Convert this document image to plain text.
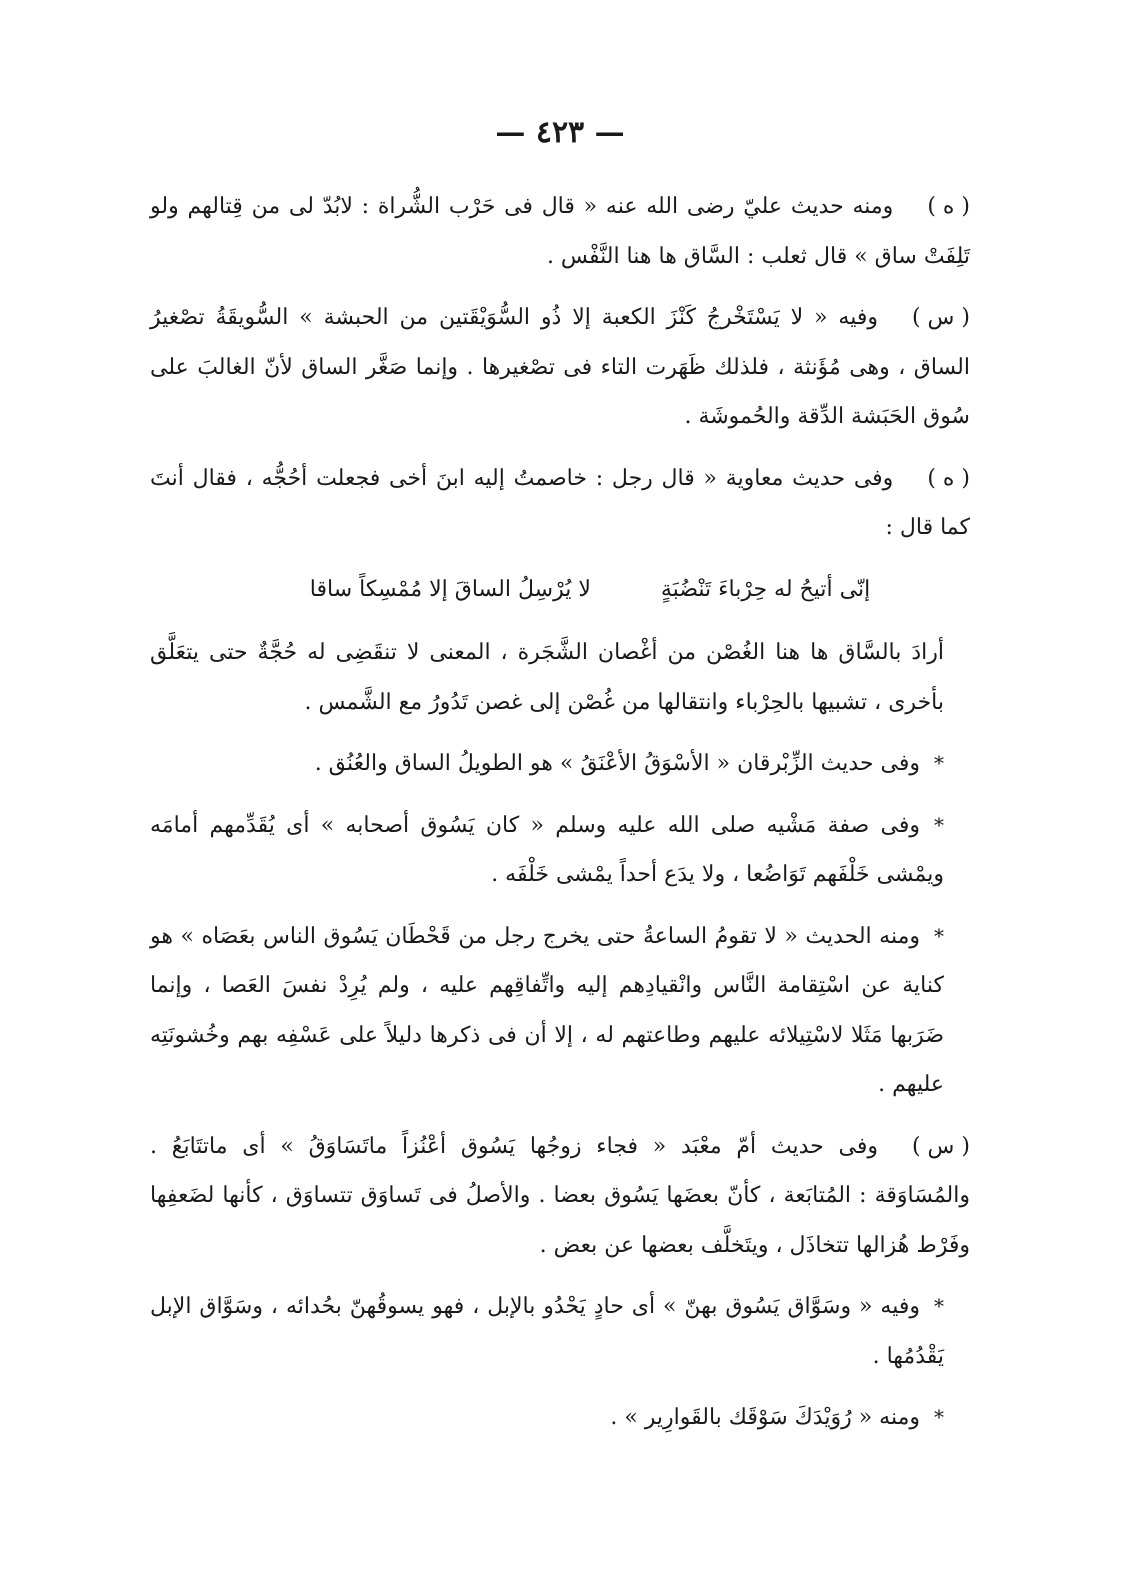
— ٤٢٣ —

( ه )ومنه حديث عليّ رضى الله عنه « قال فى حَرْب الشُّراة : لابُدّ لى من قِتالهم ولو تَلِفَتْ ساق » قال ثعلب : السَّاق ها هنا النَّفْس .

( س )وفيه « لا يَسْتَخْرجُ كَنْزَ الكعبة إلا ذُو السُّوَيْقَتين من الحبشة » السُّويقَةُ تصْغيرُ الساق ، وهى مُؤَنثة ، فلذلك ظَهَرت التاء فى تصْغيرها . وإنما صَغَّر الساق لأنّ الغالبَ على سُوق الحَبَشة الدِّقة والحُموشَة .

( ه )وفى حديث معاوية « قال رجل : خاصمتُ إليه ابنَ أخى فجعلت أحُجُّه ، فقال أنتَ كما قال :

إنّى أتيحُ له حِرْباءَ تَنْضُبَةٍ
لا يُرْسِلُ الساقَ إلا مُمْسِكاً ساقا

أرادَ بالسَّاق ها هنا الغُصْن من أغْصان الشَّجَرة ، المعنى لا تنقَضِى له حُجَّةٌ حتى يتعَلَّق بأخرى ، تشبيها بالحِرْباء وانتقالها من غُصْن إلى غصن تَدُورُ مع الشَّمس .

*وفى حديث الزِّبْرقان « الأسْوَقُ الأعْنَقُ » هو الطويلُ الساق والعُنُق .

*وفى صفة مَشْيه صلى الله عليه وسلم « كان يَسُوق أصحابه » أى يُقَدِّمهم أمامَه ويمْشى خَلْفَهم تَوَاضُعا ، ولا يدَع أحداً يمْشى خَلْفَه .

*ومنه الحديث « لا تقومُ الساعةُ حتى يخرج رجل من قَحْطَان يَسُوق الناس بعَصَاه » هو كناية عن اسْتِقامة النَّاس وانْقيادِهم إليه واتِّفاقِهم عليه ، ولم يُرِدْ نفسَ العَصا ، وإنما ضَرَبها مَثَلا لاسْتِيلائه عليهم وطاعتهم له ، إلا أن فى ذكرها دليلاً على عَسْفِه بهم وخُشونَتِه عليهم .

( س )وفى حديث أمّ معْبَد « فجاء زوجُها يَسُوق أعْنُزاً ماتَسَاوَقُ » أى ماتتَابَعُ . والمُسَاوَقة : المُتابَعة ، كأنّ بعضَها يَسُوق بعضا . والأصلُ فى تَساوَق تتساوَق ، كأنها لضَعفِها وفَرْط هُزالها تتخاذَل ، ويتَخلَّف بعضها عن بعض .

*وفيه « وسَوَّاق يَسُوق بهنّ » أى حادٍ يَحْدُو بالإبل ، فهو يسوقُهنّ بحُدائه ، وسَوَّاق الإبل يَقْدُمُها .

*ومنه « رُوَيْدَكَ سَوْقَك بالقَوارِير » .
